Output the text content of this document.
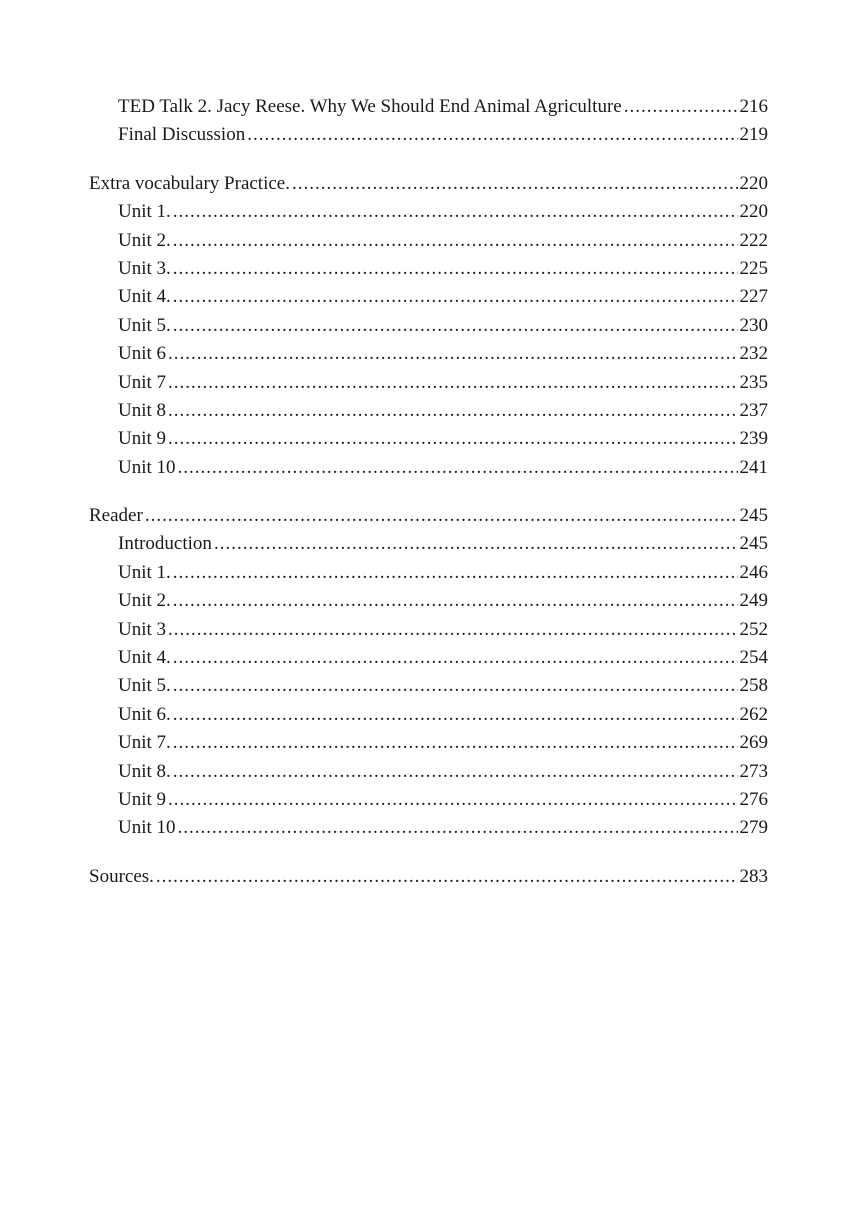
TED Talk 2. Jacy Reese. Why We Should End Animal Agriculture .....	216
Final Discussion .....	219
Extra vocabulary Practice. .....	220
Unit 1. .....	220
Unit 2. .....	222
Unit 3. .....	225
Unit 4. .....	227
Unit 5. .....	230
Unit 6 .....	232
Unit 7 .....	235
Unit 8 .....	237
Unit 9 .....	239
Unit 10 .....	241
Reader .....	245
Introduction .....	245
Unit 1. .....	246
Unit 2. .....	249
Unit 3 .....	252
Unit 4. .....	254
Unit 5. .....	258
Unit 6. .....	262
Unit 7. .....	269
Unit 8. .....	273
Unit 9 .....	276
Unit 10 .....	279
Sources. .....	283
